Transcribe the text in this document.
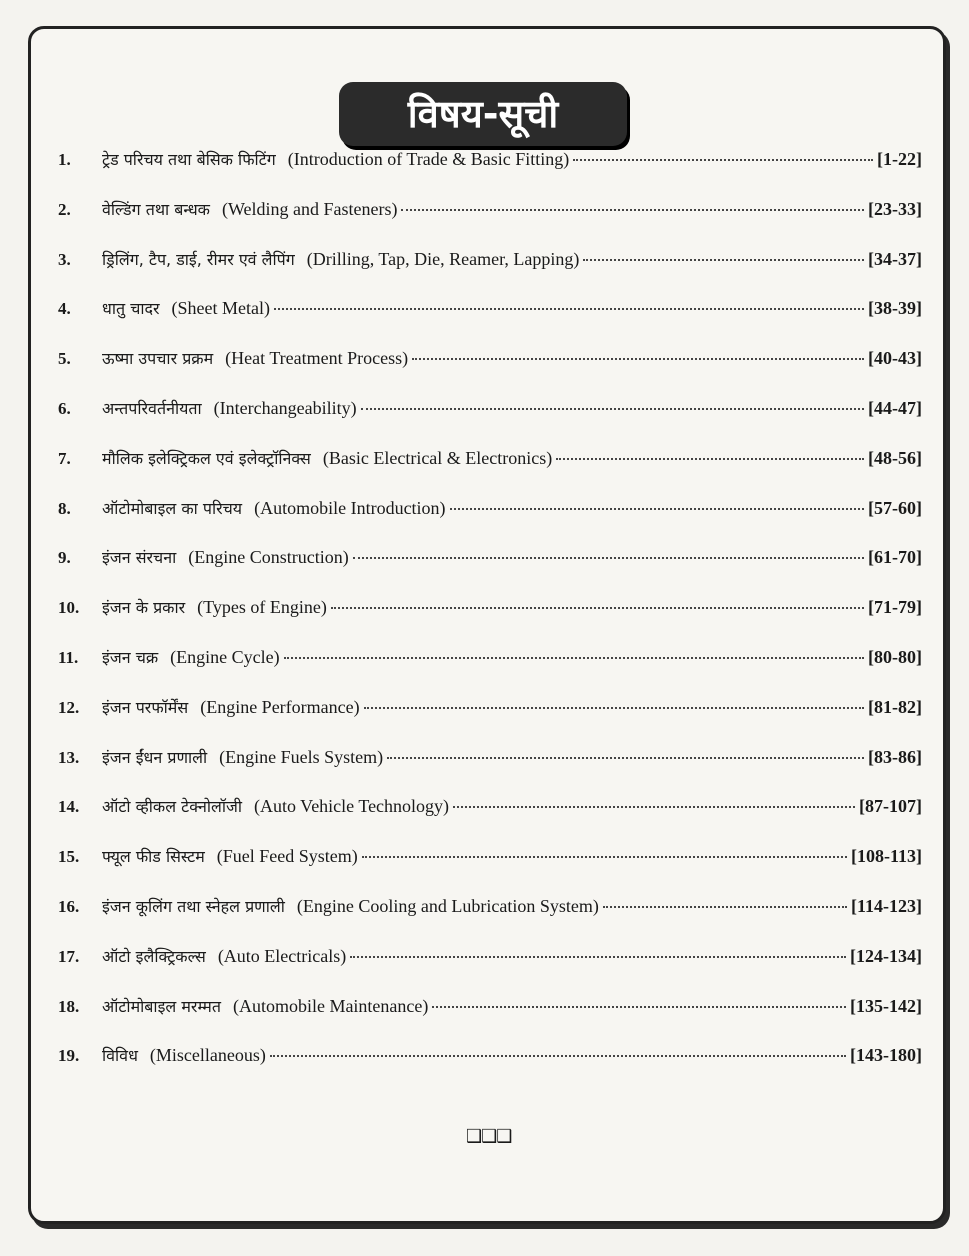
विषय-सूची
1.	ट्रेड परिचय तथा बेसिक फिटिंग (Introduction of Trade & Basic Fitting)	[1-22]
2.	वेल्डिंग तथा बन्धक (Welding and Fasteners)	[23-33]
3.	ड्रिलिंग, टैप, डाई, रीमर एवं लैपिंग (Drilling, Tap, Die, Reamer, Lapping)	[34-37]
4.	धातु चादर (Sheet Metal)	[38-39]
5.	ऊष्मा उपचार प्रक्रम (Heat Treatment Process)	[40-43]
6.	अन्तपरिवर्तनीयता (Interchangeability)	[44-47]
7.	मौलिक इलेक्ट्रिकल एवं इलेक्ट्रॉनिक्स (Basic Electrical & Electronics)	[48-56]
8.	ऑटोमोबाइल का परिचय (Automobile Introduction)	[57-60]
9.	इंजन संरचना (Engine Construction)	[61-70]
10.	इंजन के प्रकार (Types of Engine)	[71-79]
11.	इंजन चक्र (Engine Cycle)	[80-80]
12.	इंजन परफॉर्मेंस (Engine Performance)	[81-82]
13.	इंजन ईंधन प्रणाली (Engine Fuels System)	[83-86]
14.	ऑटो व्हीकल टेक्नोलॉजी (Auto Vehicle Technology)	[87-107]
15.	फ्यूल फीड सिस्टम (Fuel Feed System)	[108-113]
16.	इंजन कूलिंग तथा स्नेहल प्रणाली (Engine Cooling and Lubrication System)	[114-123]
17.	ऑटो इलैक्ट्रिकल्स (Auto Electricals)	[124-134]
18.	ऑटोमोबाइल मरम्मत (Automobile Maintenance)	[135-142]
19.	विविध (Miscellaneous)	[143-180]
❑❑❑
